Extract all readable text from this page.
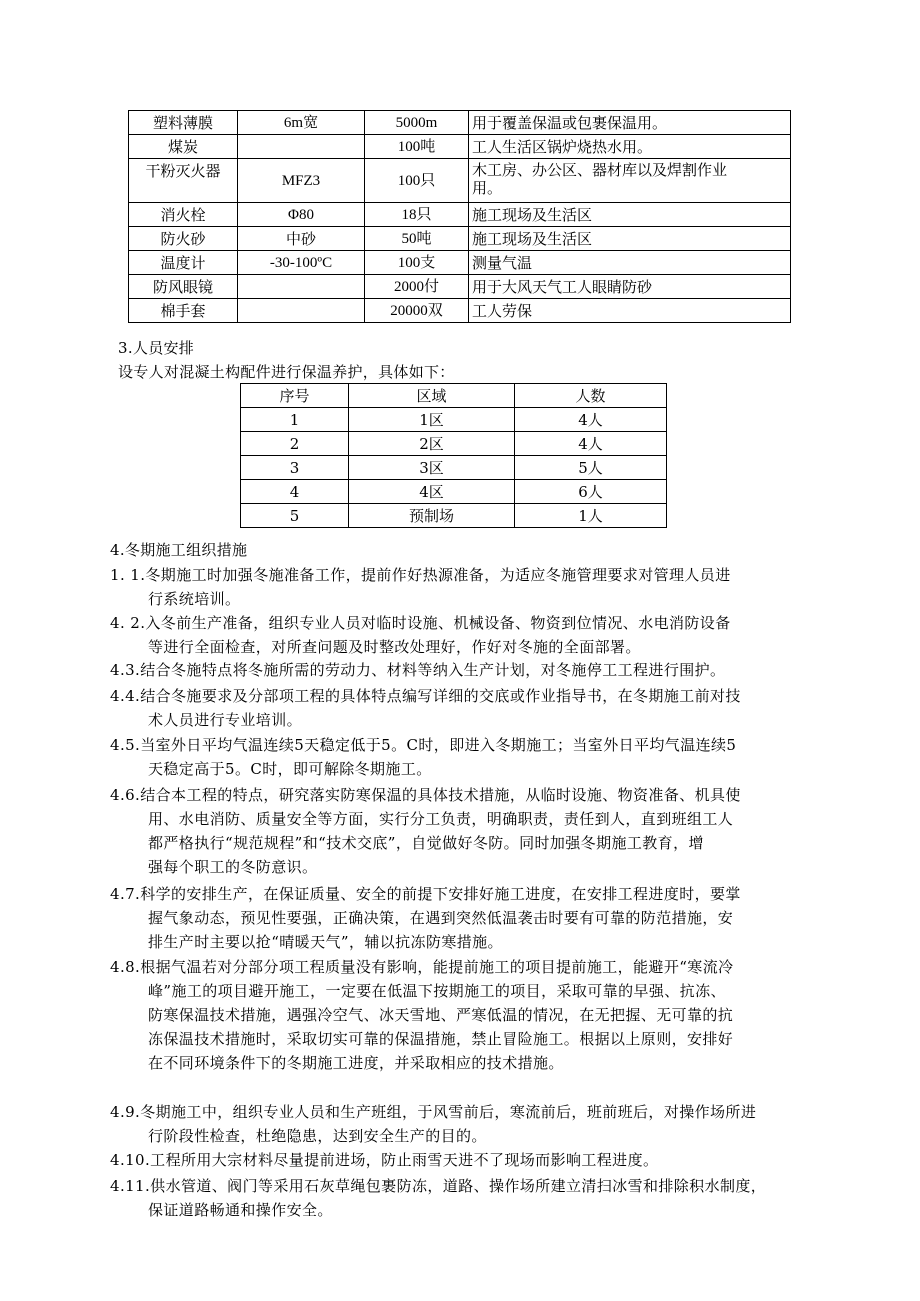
塑料薄膜	6m宽	5000m	用于覆盖保温或包裹保温用。
煤炭		100吨	工人生活区锅炉烧热水用。
干粉灭火器	MFZ3	100只	木工房、办公区、器材库以及焊割作业
用。

消火栓	Φ80	18只	施工现场及生活区
防火砂	中砂	50吨	施工现场及生活区
温度计	-30-100ºC	100支	测量气温
防风眼镜		2000付	用于大风天气工人眼睛防砂
棉手套		20000双	工人劳保
3.人员安排
设专人对混凝土构配件进行保温养护，具体如下：
序号	区域	人数
1	1区	4人
2	2区	4人
3	3区	5人
4	4区	6人
5	预制场	1人
4.冬期施工组织措施
1. 1.冬期施工时加强冬施准备工作，提前作好热源准备，为适应冬施管理要求对管理人员进
行系统培训。
4. 2.入冬前生产准备，组织专业人员对临时设施、机械设备、物资到位情况、水电消防设备
等进行全面检查，对所查问题及时整改处理好，作好对冬施的全面部署。
4.3.结合冬施特点将冬施所需的劳动力、材料等纳入生产计划，对冬施停工工程进行围护。
4.4.结合冬施要求及分部项工程的具体特点编写详细的交底或作业指导书，在冬期施工前对技
术人员进行专业培训。
4.5.当室外日平均气温连续5天稳定低于5。C时，即进入冬期施工；当室外日平均气温连续5
天稳定高于5。C时，即可解除冬期施工。
4.6.结合本工程的特点，研究落实防寒保温的具体技术措施，从临时设施、物资准备、机具使
用、水电消防、质量安全等方面，实行分工负责，明确职责，责任到人，直到班组工人
都严格执行“规范规程”和“技术交底”，自觉做好冬防。同时加强冬期施工教育，增
强每个职工的冬防意识。
4.7.科学的安排生产，在保证质量、安全的前提下安排好施工进度，在安排工程进度时，要掌
握气象动态，预见性要强，正确决策，在遇到突然低温袭击时要有可靠的防范措施，安
排生产时主要以抢“晴暖天气”，辅以抗冻防寒措施。
4.8.根据气温若对分部分项工程质量没有影响，能提前施工的项目提前施工，能避开“寒流冷
峰”施工的项目避开施工，一定要在低温下按期施工的项目，采取可靠的早强、抗冻、
防寒保温技术措施，遇强冷空气、冰天雪地、严寒低温的情况，在无把握、无可靠的抗
冻保温技术措施时，采取切实可靠的保温措施，禁止冒险施工。根据以上原则，安排好
在不同环境条件下的冬期施工进度，并采取相应的技术措施。
4.9.冬期施工中，组织专业人员和生产班组，于风雪前后，寒流前后，班前班后，对操作场所进
行阶段性检查，杜绝隐患，达到安全生产的目的。
4.10.工程所用大宗材料尽量提前进场，防止雨雪天进不了现场而影响工程进度。
4.11.供水管道、阀门等采用石灰草绳包裹防冻，道路、操作场所建立清扫冰雪和排除积水制度，
保证道路畅通和操作安全。
